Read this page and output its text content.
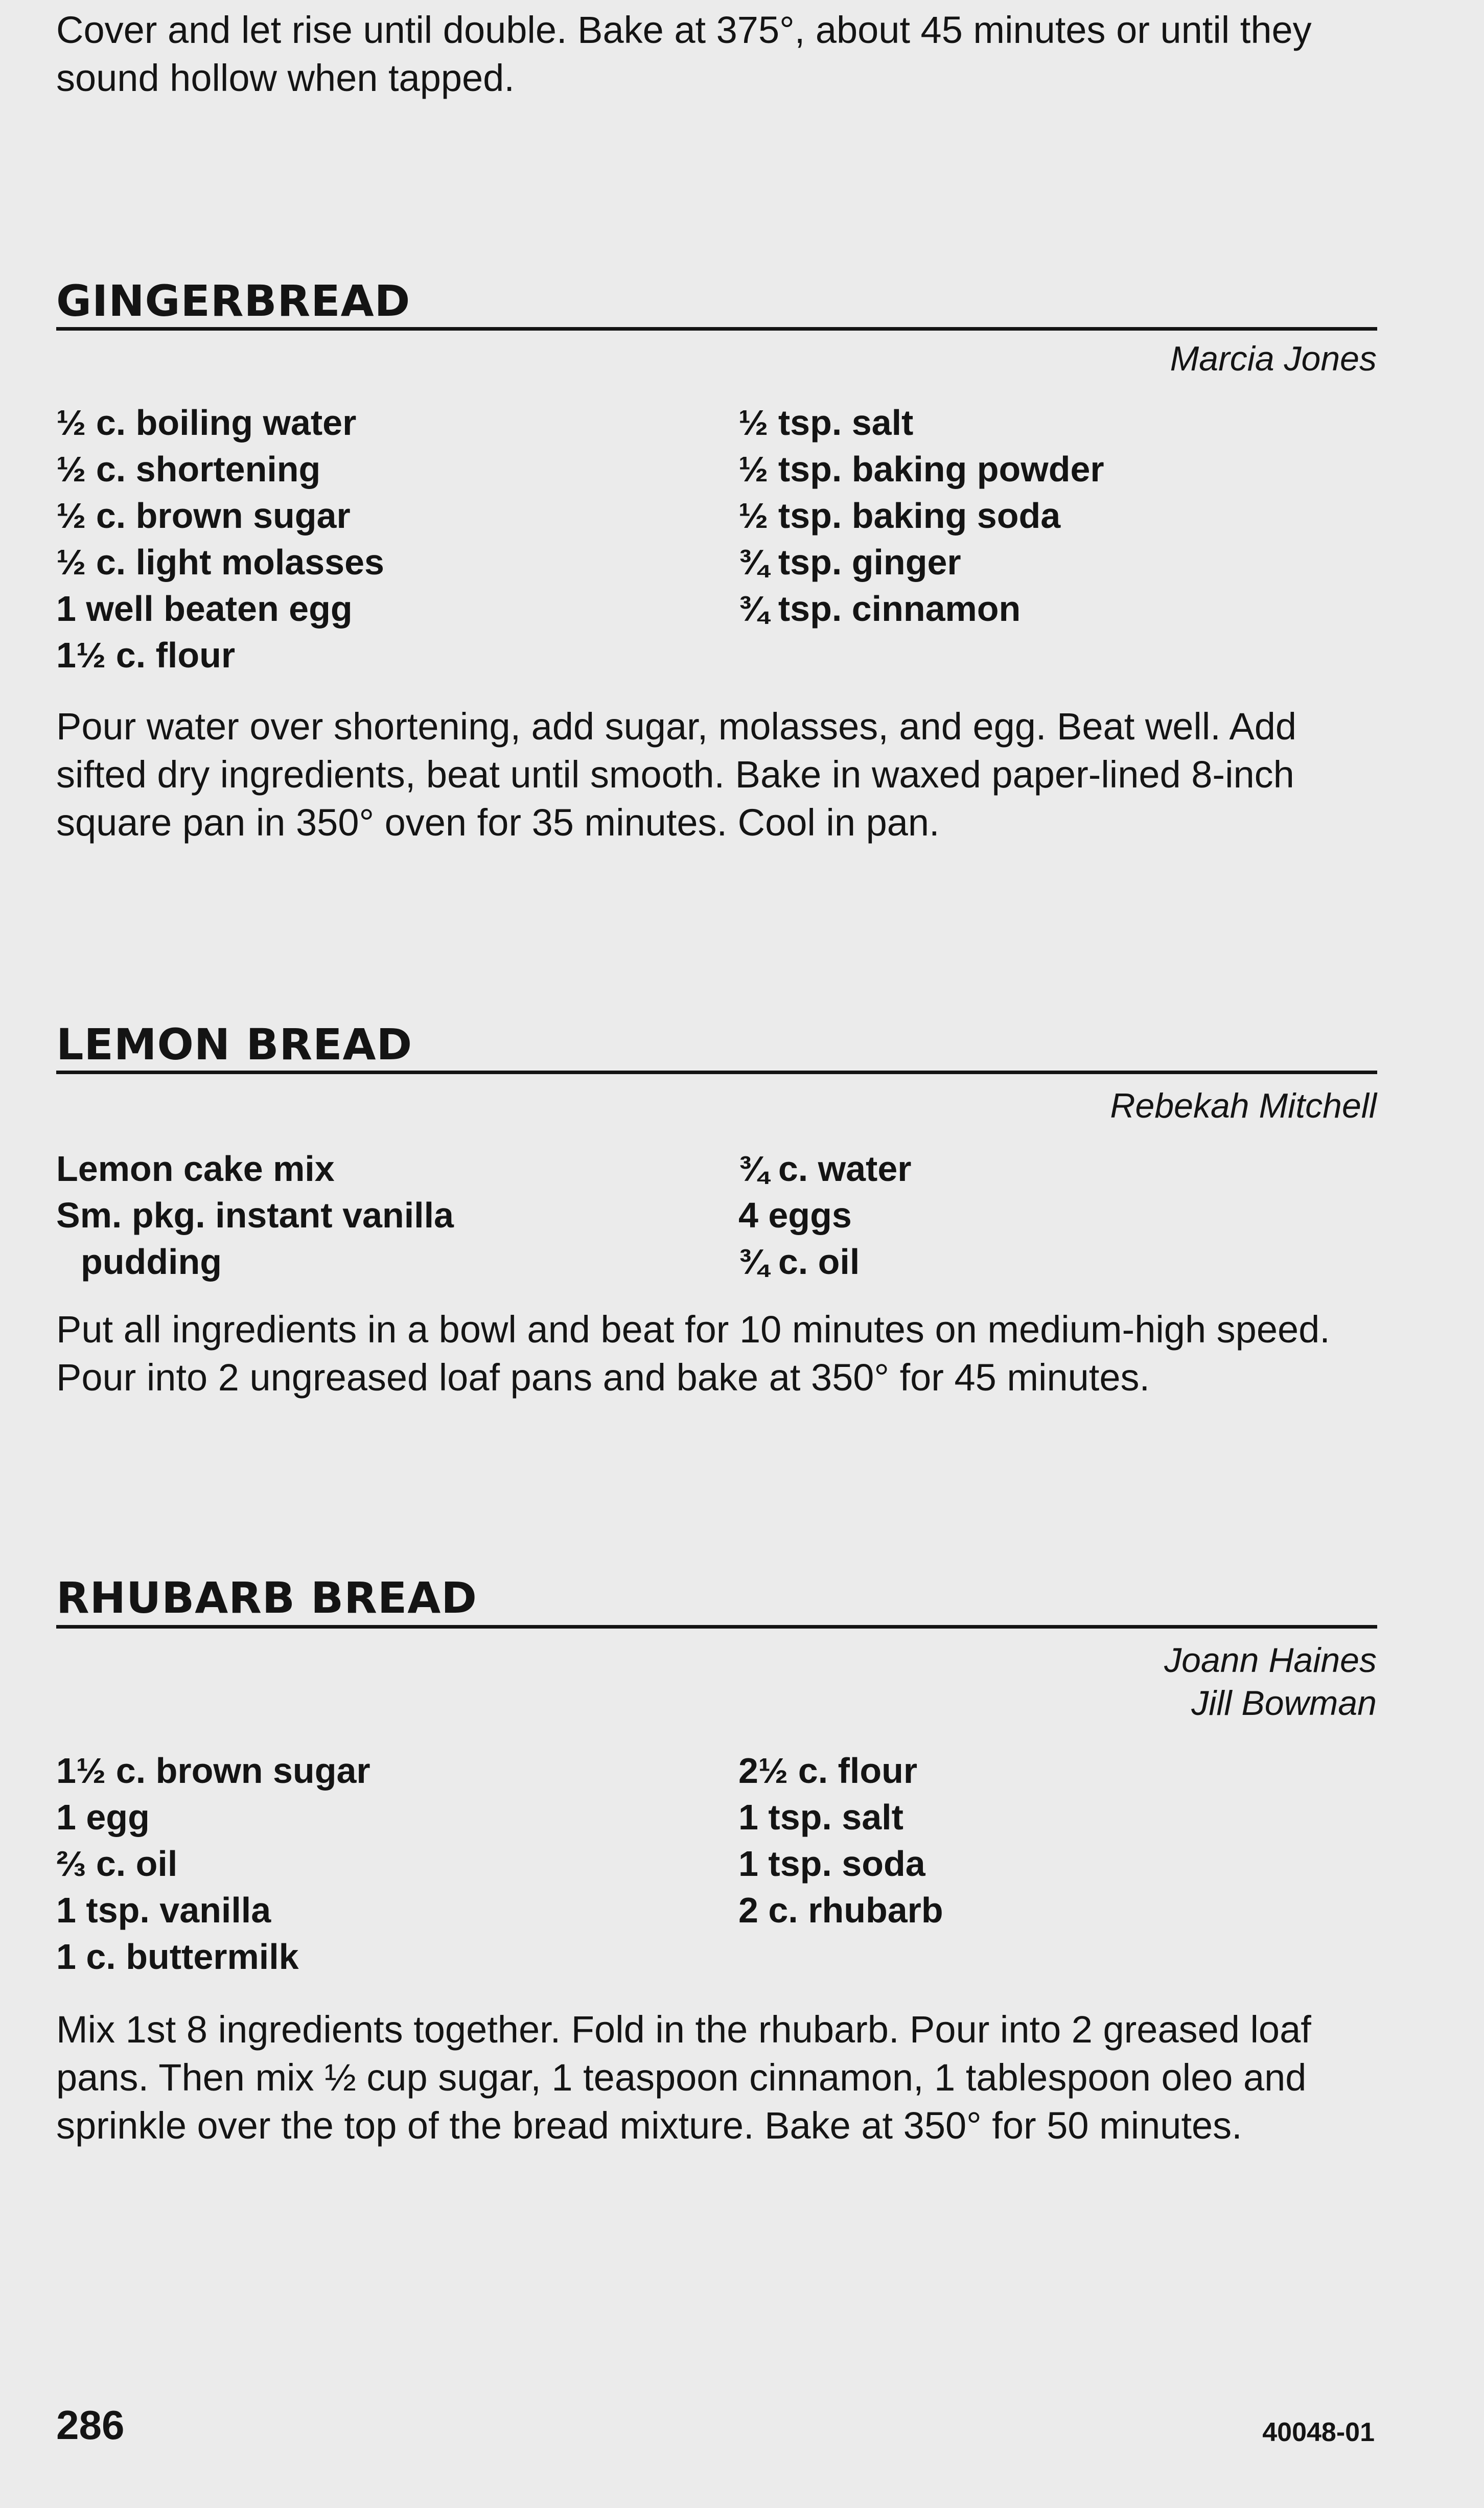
Cover and let rise until double. Bake at 375°, about 45 minutes or until they sound hollow when tapped.

GINGERBREAD
Marcia Jones
½ c. boiling water
½ c. shortening
½ c. brown sugar
½ c. light molasses
1 well beaten egg
1½ c. flour
½ tsp. salt
½ tsp. baking powder
½ tsp. baking soda
¾ tsp. ginger
¾ tsp. cinnamon

Pour water over shortening, add sugar, molasses, and egg. Beat well. Add sifted dry ingredients, beat until smooth. Bake in waxed paper-lined 8-inch square pan in 350° oven for 35 minutes. Cool in pan.

LEMON BREAD
Rebekah Mitchell
Lemon cake mix
Sm. pkg. instant vanilla
pudding
¾ c. water
4 eggs
¾ c. oil

Put all ingredients in a bowl and beat for 10 minutes on medium-high speed. Pour into 2 ungreased loaf pans and bake at 350° for 45 minutes.

RHUBARB BREAD
Joann Haines
Jill Bowman
1½ c. brown sugar
1 egg
⅔ c. oil
1 tsp. vanilla
1 c. buttermilk
2½ c. flour
1 tsp. salt
1 tsp. soda
2 c. rhubarb

Mix 1st 8 ingredients together. Fold in the rhubarb. Pour into 2 greased loaf pans. Then mix ½ cup sugar, 1 teaspoon cinnamon, 1 tablespoon oleo and sprinkle over the top of the bread mixture. Bake at 350° for 50 minutes.

286	40048-01
